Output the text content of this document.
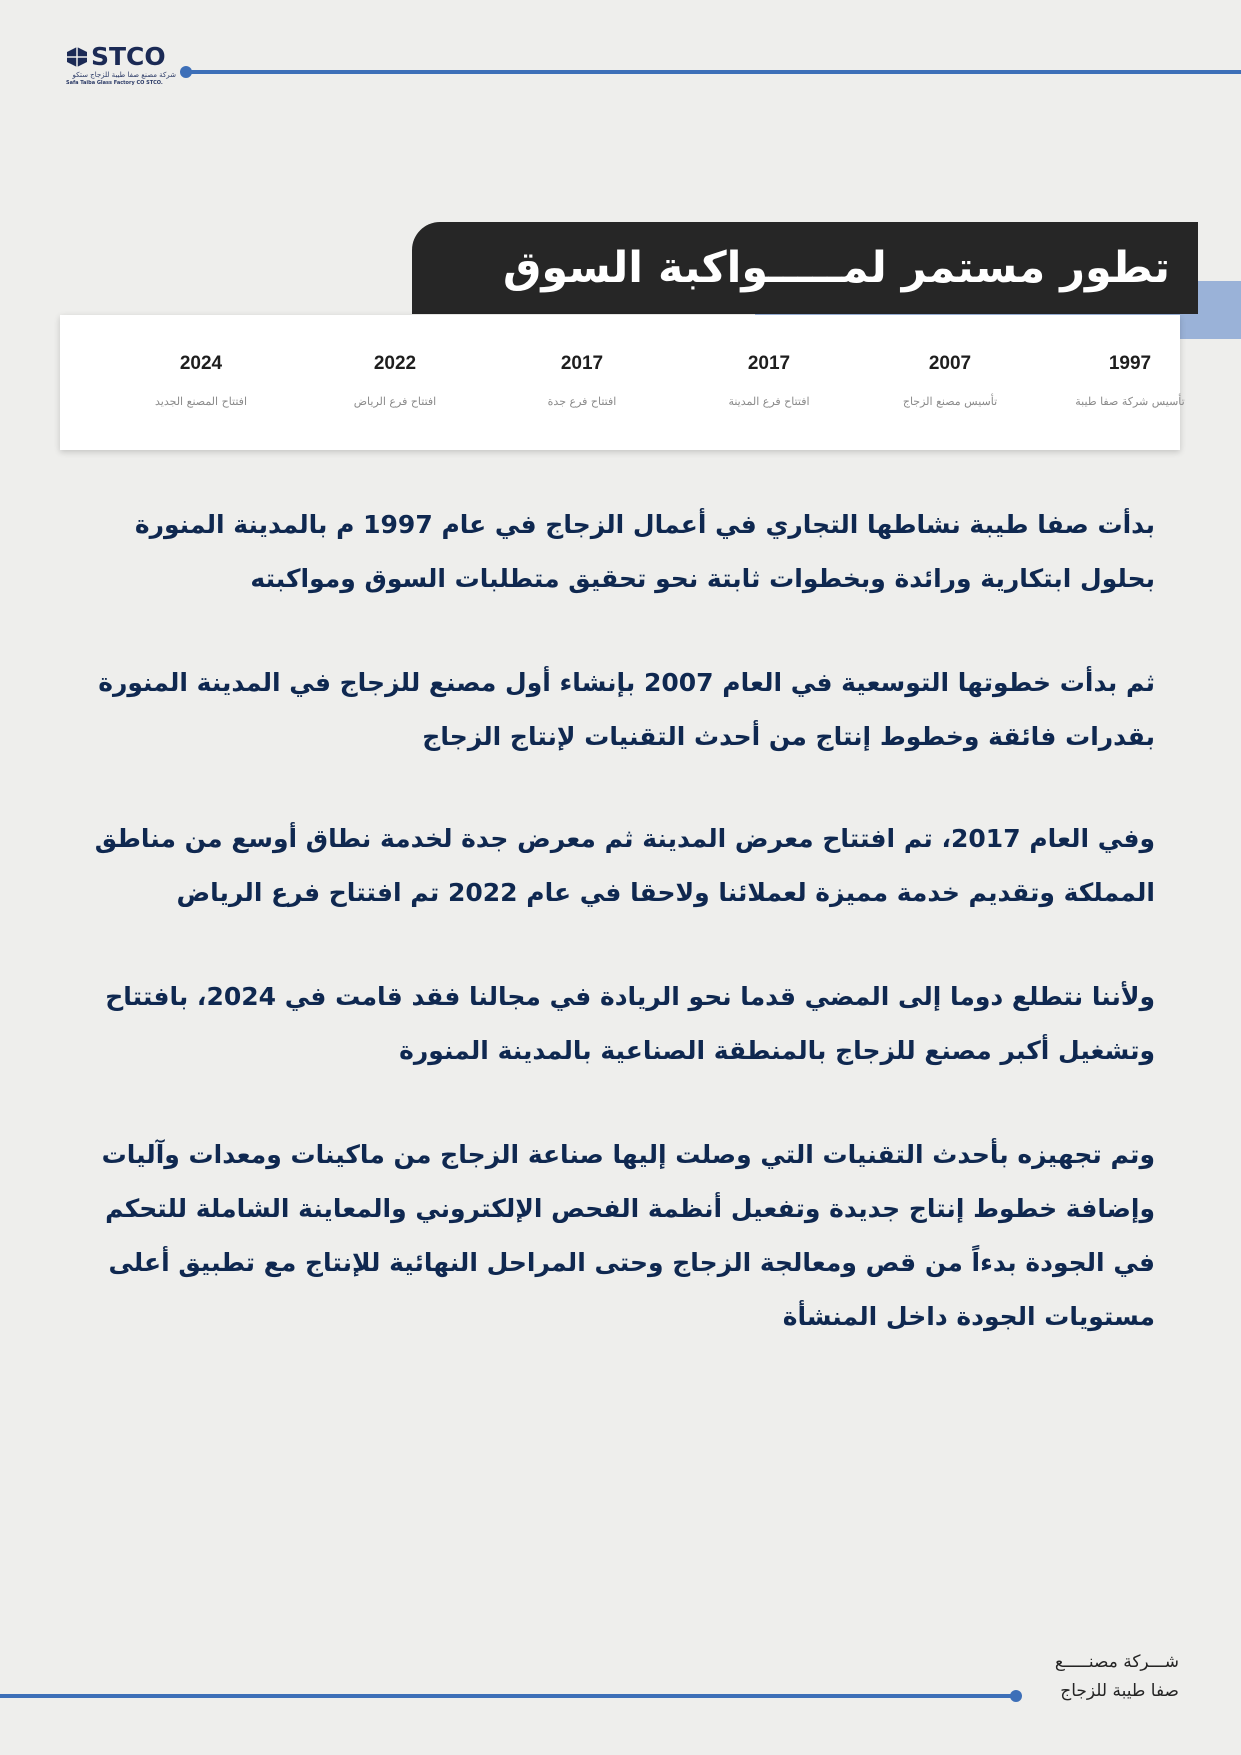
STCO
شركة مصنع صفا طيبة للزجاج ستكو
Safa Taiba Glass Factory CO STCO.
تطور مستمر لمـــــواكبة السوق
1997
تأسيس شركة صفا طيبة
2007
تأسيس مصنع الزجاج
2017
افتتاح فرع المدينة
2017
افتتاح فرع جدة
2022
افتتاح فرع الرياض
2024
افتتاح المصنع الجديد
بدأت صفا طيبة نشاطها التجاري في أعمال الزجاج في عام 1997 م بالمدينة المنورة بحلول ابتكارية ورائدة وبخطوات ثابتة نحو تحقيق متطلبات السوق ومواكبته
ثم بدأت خطوتها التوسعية في العام 2007 بإنشاء أول مصنع للزجاج في المدينة المنورة بقدرات فائقة وخطوط إنتاج من أحدث التقنيات لإنتاج الزجاج
وفي العام 2017، تم افتتاح معرض المدينة ثم معرض جدة لخدمة نطاق أوسع من مناطق المملكة وتقديم خدمة مميزة لعملائنا ولاحقا في عام 2022 تم افتتاح فرع الرياض
ولأننا نتطلع دوما إلى المضي قدما نحو الريادة في مجالنا فقد قامت في 2024، بافتتاح وتشغيل أكبر مصنع للزجاج بالمنطقة الصناعية بالمدينة المنورة
وتم تجهيزه بأحدث التقنيات التي وصلت إليها صناعة الزجاج من ماكينات ومعدات وآليات وإضافة خطوط إنتاج جديدة وتفعيل أنظمة الفحص الإلكتروني والمعاينة الشاملة للتحكم في الجودة بدءاً من قص ومعالجة الزجاج وحتى المراحل النهائية للإنتاج مع تطبيق أعلى مستويات الجودة داخل المنشأة
شـــركة مصنـــــع
صفا طيبة للزجاج
